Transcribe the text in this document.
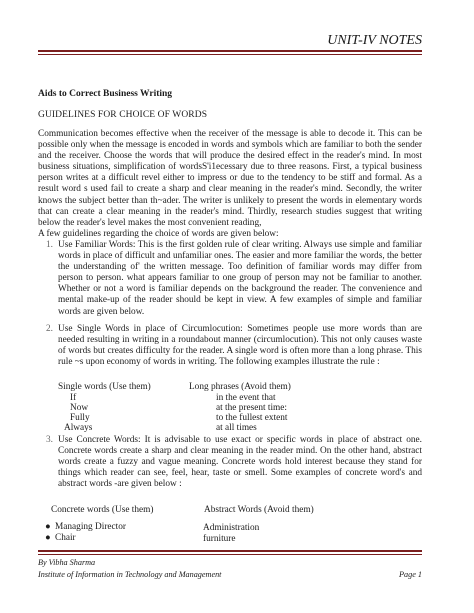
UNIT-IV NOTES
Aids to Correct Business Writing
GUIDELINES FOR CHOICE OF WORDS
Communication becomes effective when the receiver of the message is able to decode it. This can be possible only when the message is encoded in words and symbols which are familiar to both the sender and the receiver. Choose the words that will produce the desired effect in the reader's mind. In most business situations, simplification of wordsS'i1ecessary due to three reasons. First, a typical business person writes at a difficult revel either to impress or due to the tendency to be stiff and formal. As a result word s used fail to create a sharp and clear meaning in the reader's mind. Secondly, the writer knows the subject better than th~ader. The writer is unlikely to present the words in elementary words that can create a clear meaning in the reader's mind. Thirdly, research studies suggest that writing below the reader's level makes the most convenient reading,
A few guidelines regarding the choice of words are given below:
1. Use Familiar Words: This is the first golden rule of clear writing. Always use simple and familiar words in place of difficult and unfamiliar ones. The easier and more familiar the words, the better the understanding of' the written message. Too definition of familiar words may differ from person to person. what appears familiar to one group of person may not be familiar to another. Whether or not a word is familiar depends on the background the reader. The convenience and mental make-up of the reader should be kept in view. A few examples of simple and familiar words are given below.
2. Use Single Words in place of Circumlocution: Sometimes people use more words than are needed resulting in writing in a roundabout manner (circumlocution). This not only causes waste of words but creates difficulty for the reader. A single word is often more than a long phrase. This rule ~s upon economy of words in writing. The following examples illustrate the rule :
Single words (Use them)	Long phrases (Avoid them)
If	in the event that
Now	at the present time:
Fully	to the fullest extent
Always	at all times
3. Use Concrete Words: It is advisable to use exact or specific words in place of abstract one. Concrete words create a sharp and clear meaning in the reader mind. On the other hand, abstract words create a fuzzy and vague meaning. Concrete words hold interest because they stand for things which reader can see, feel, hear, taste or smell. Some examples of concrete word's and abstract words -are given below :
Concrete words (Use them)	Abstract Words (Avoid them)
● Managing Director	Administration
● Chair	furniture
By Vibha Sharma
Institute of Information in Technology and Management	Page 1
